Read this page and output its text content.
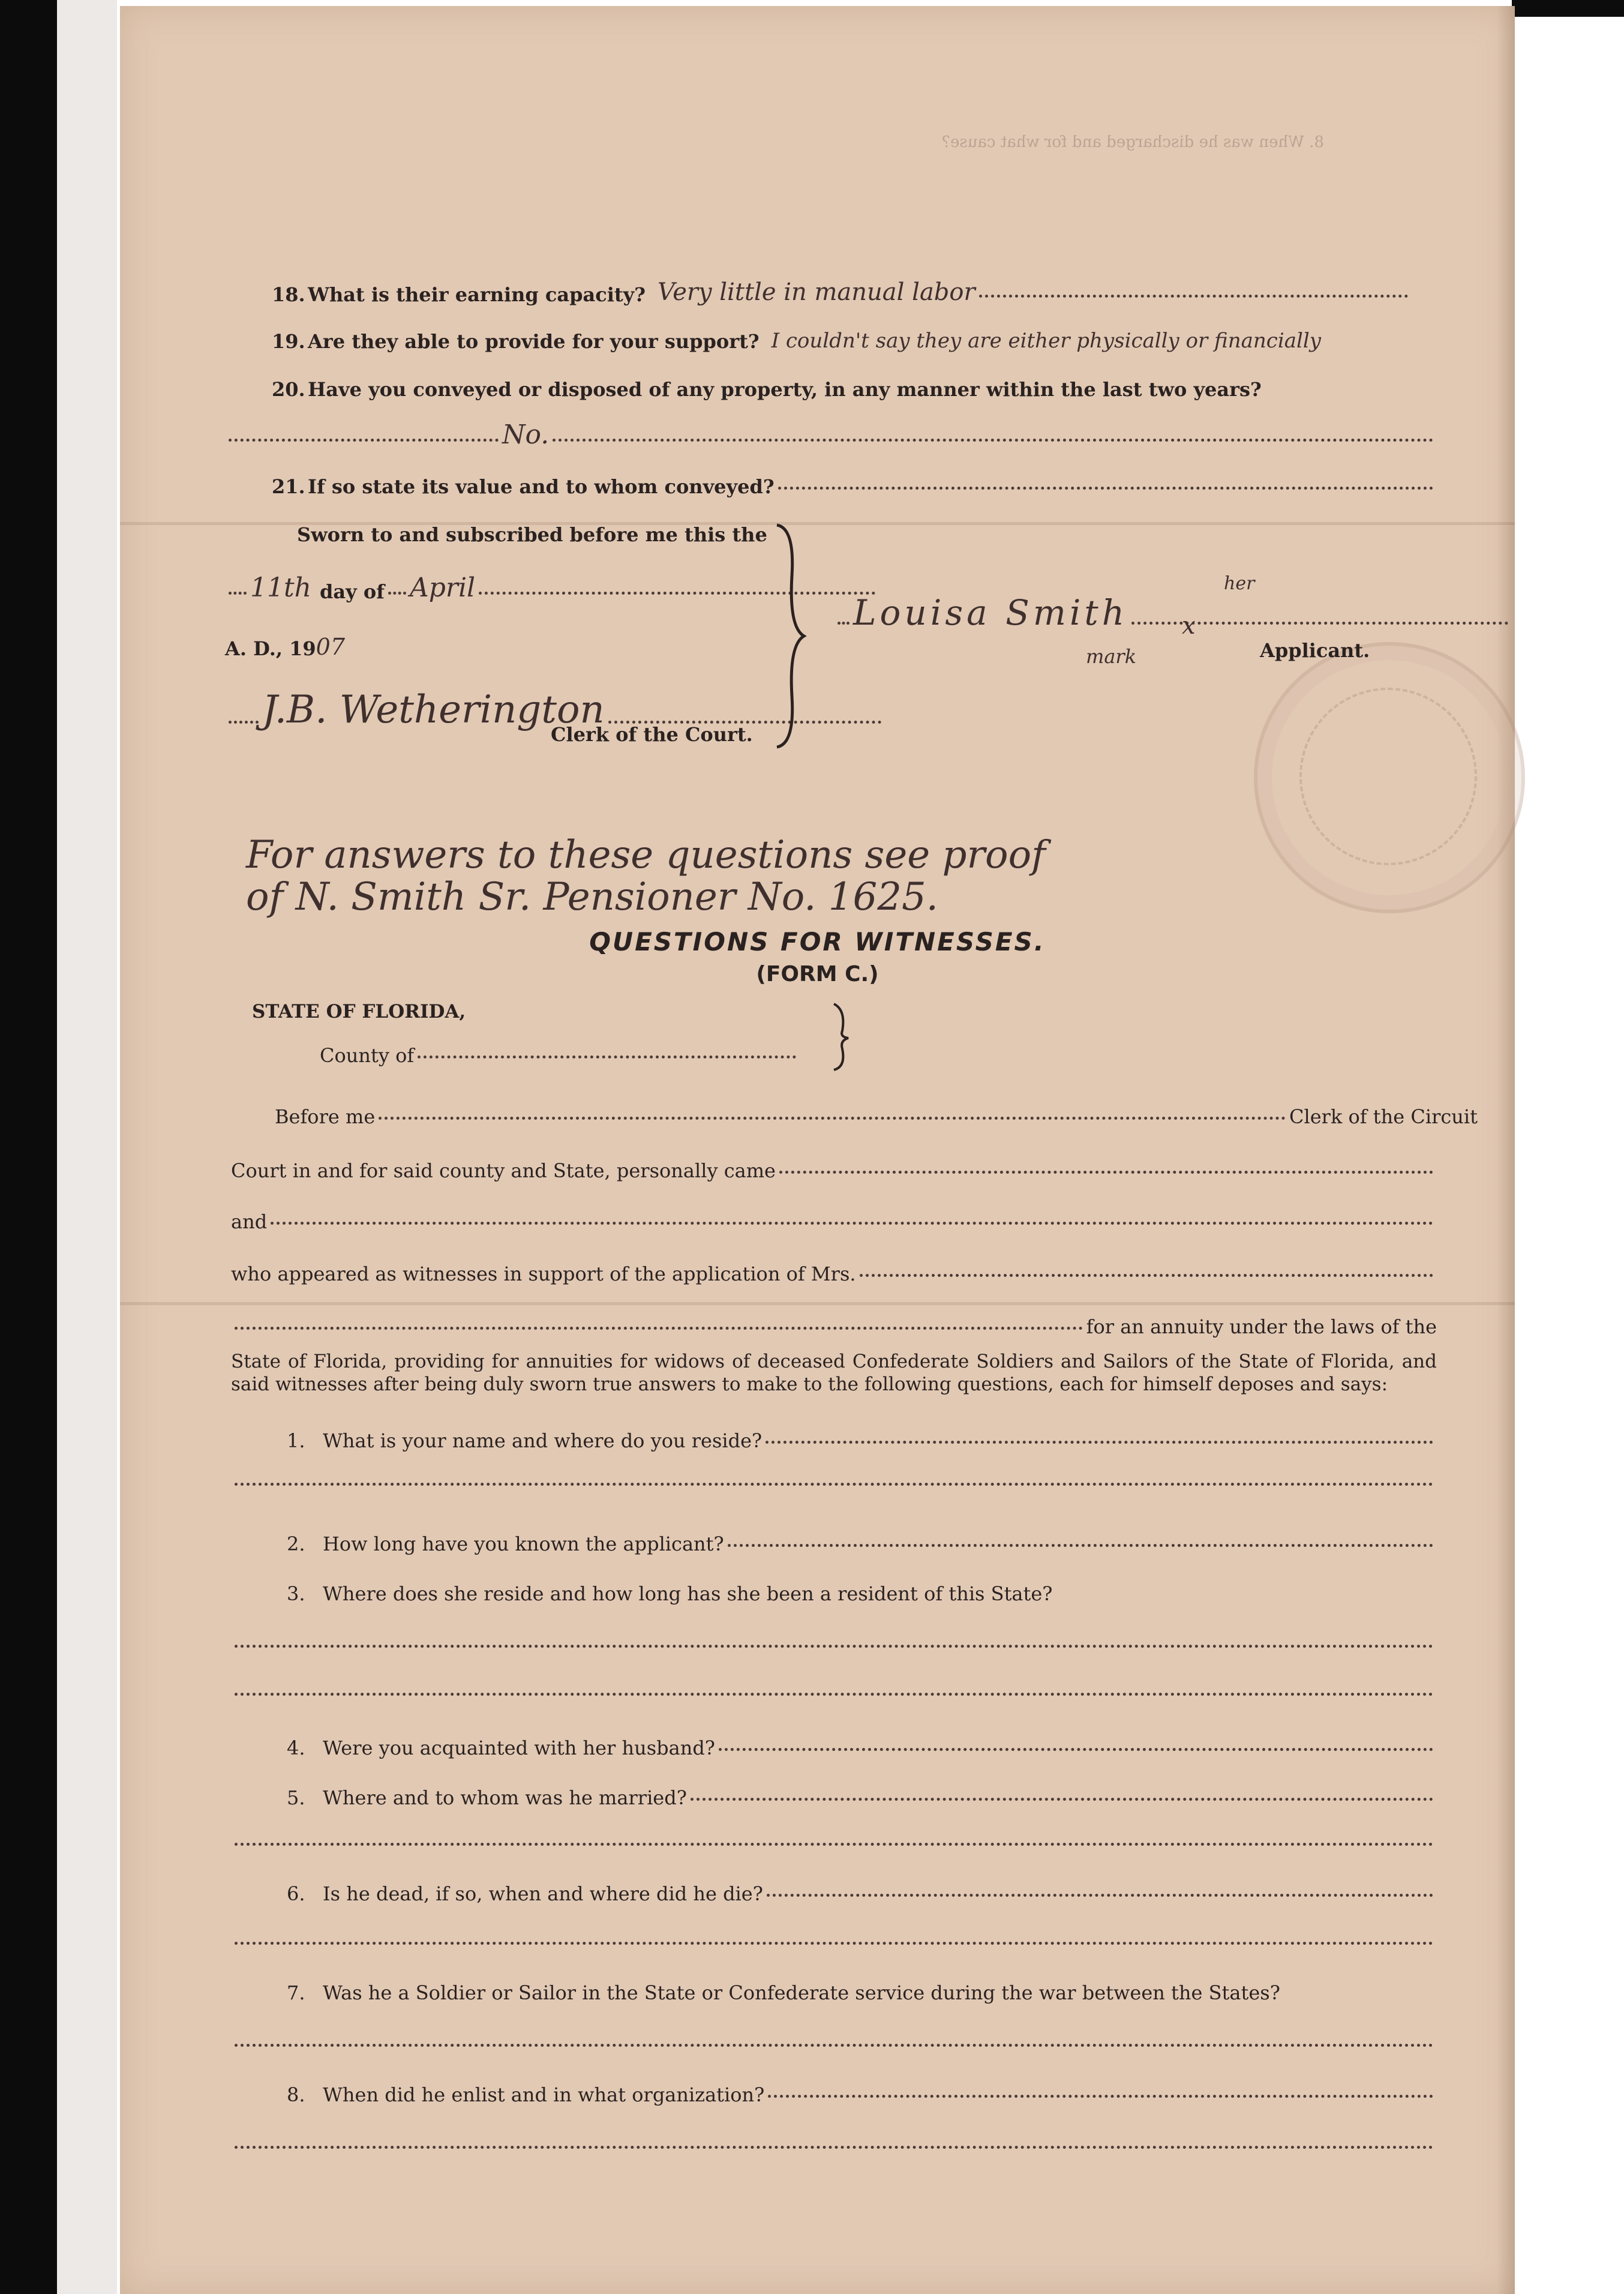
8. When was he discharged and for what cause?
18. What is their earning capacity? Very little in manual labor
19. Are they able to provide for your support? I couldn't say they are either physically or financially
20. Have you conveyed or disposed of any property, in any manner within the last two years?
No.
21. If so state its value and to whom conveyed?
Sworn to and subscribed before me this the
11th day of April
A. D., 19 07
J.B. Wetherington
Clerk of the Court.
Louisa Smith
her
x
mark	Applicant.
For answers to these questions see proof
of N. Smith Sr. Pensioner No. 1625.
QUESTIONS FOR WITNESSES.
(FORM C.)
STATE OF FLORIDA,
County of
Before me	Clerk of the Circuit
Court in and for said county and State, personally came
and
who appeared as witnesses in support of the application of Mrs.
for an annuity under the laws of the
State of Florida, providing for annuities for widows of deceased Confederate Soldiers and Sailors of the State of Florida, and said witnesses after being duly sworn true answers to make to the following questions, each for himself deposes and says:
1. What is your name and where do you reside?
2. How long have you known the applicant?
3. Where does she reside and how long has she been a resident of this State?
4. Were you acquainted with her husband?
5. Where and to whom was he married?
6. Is he dead, if so, when and where did he die?
7. Was he a Soldier or Sailor in the State or Confederate service during the war between the States?
8. When did he enlist and in what organization?
